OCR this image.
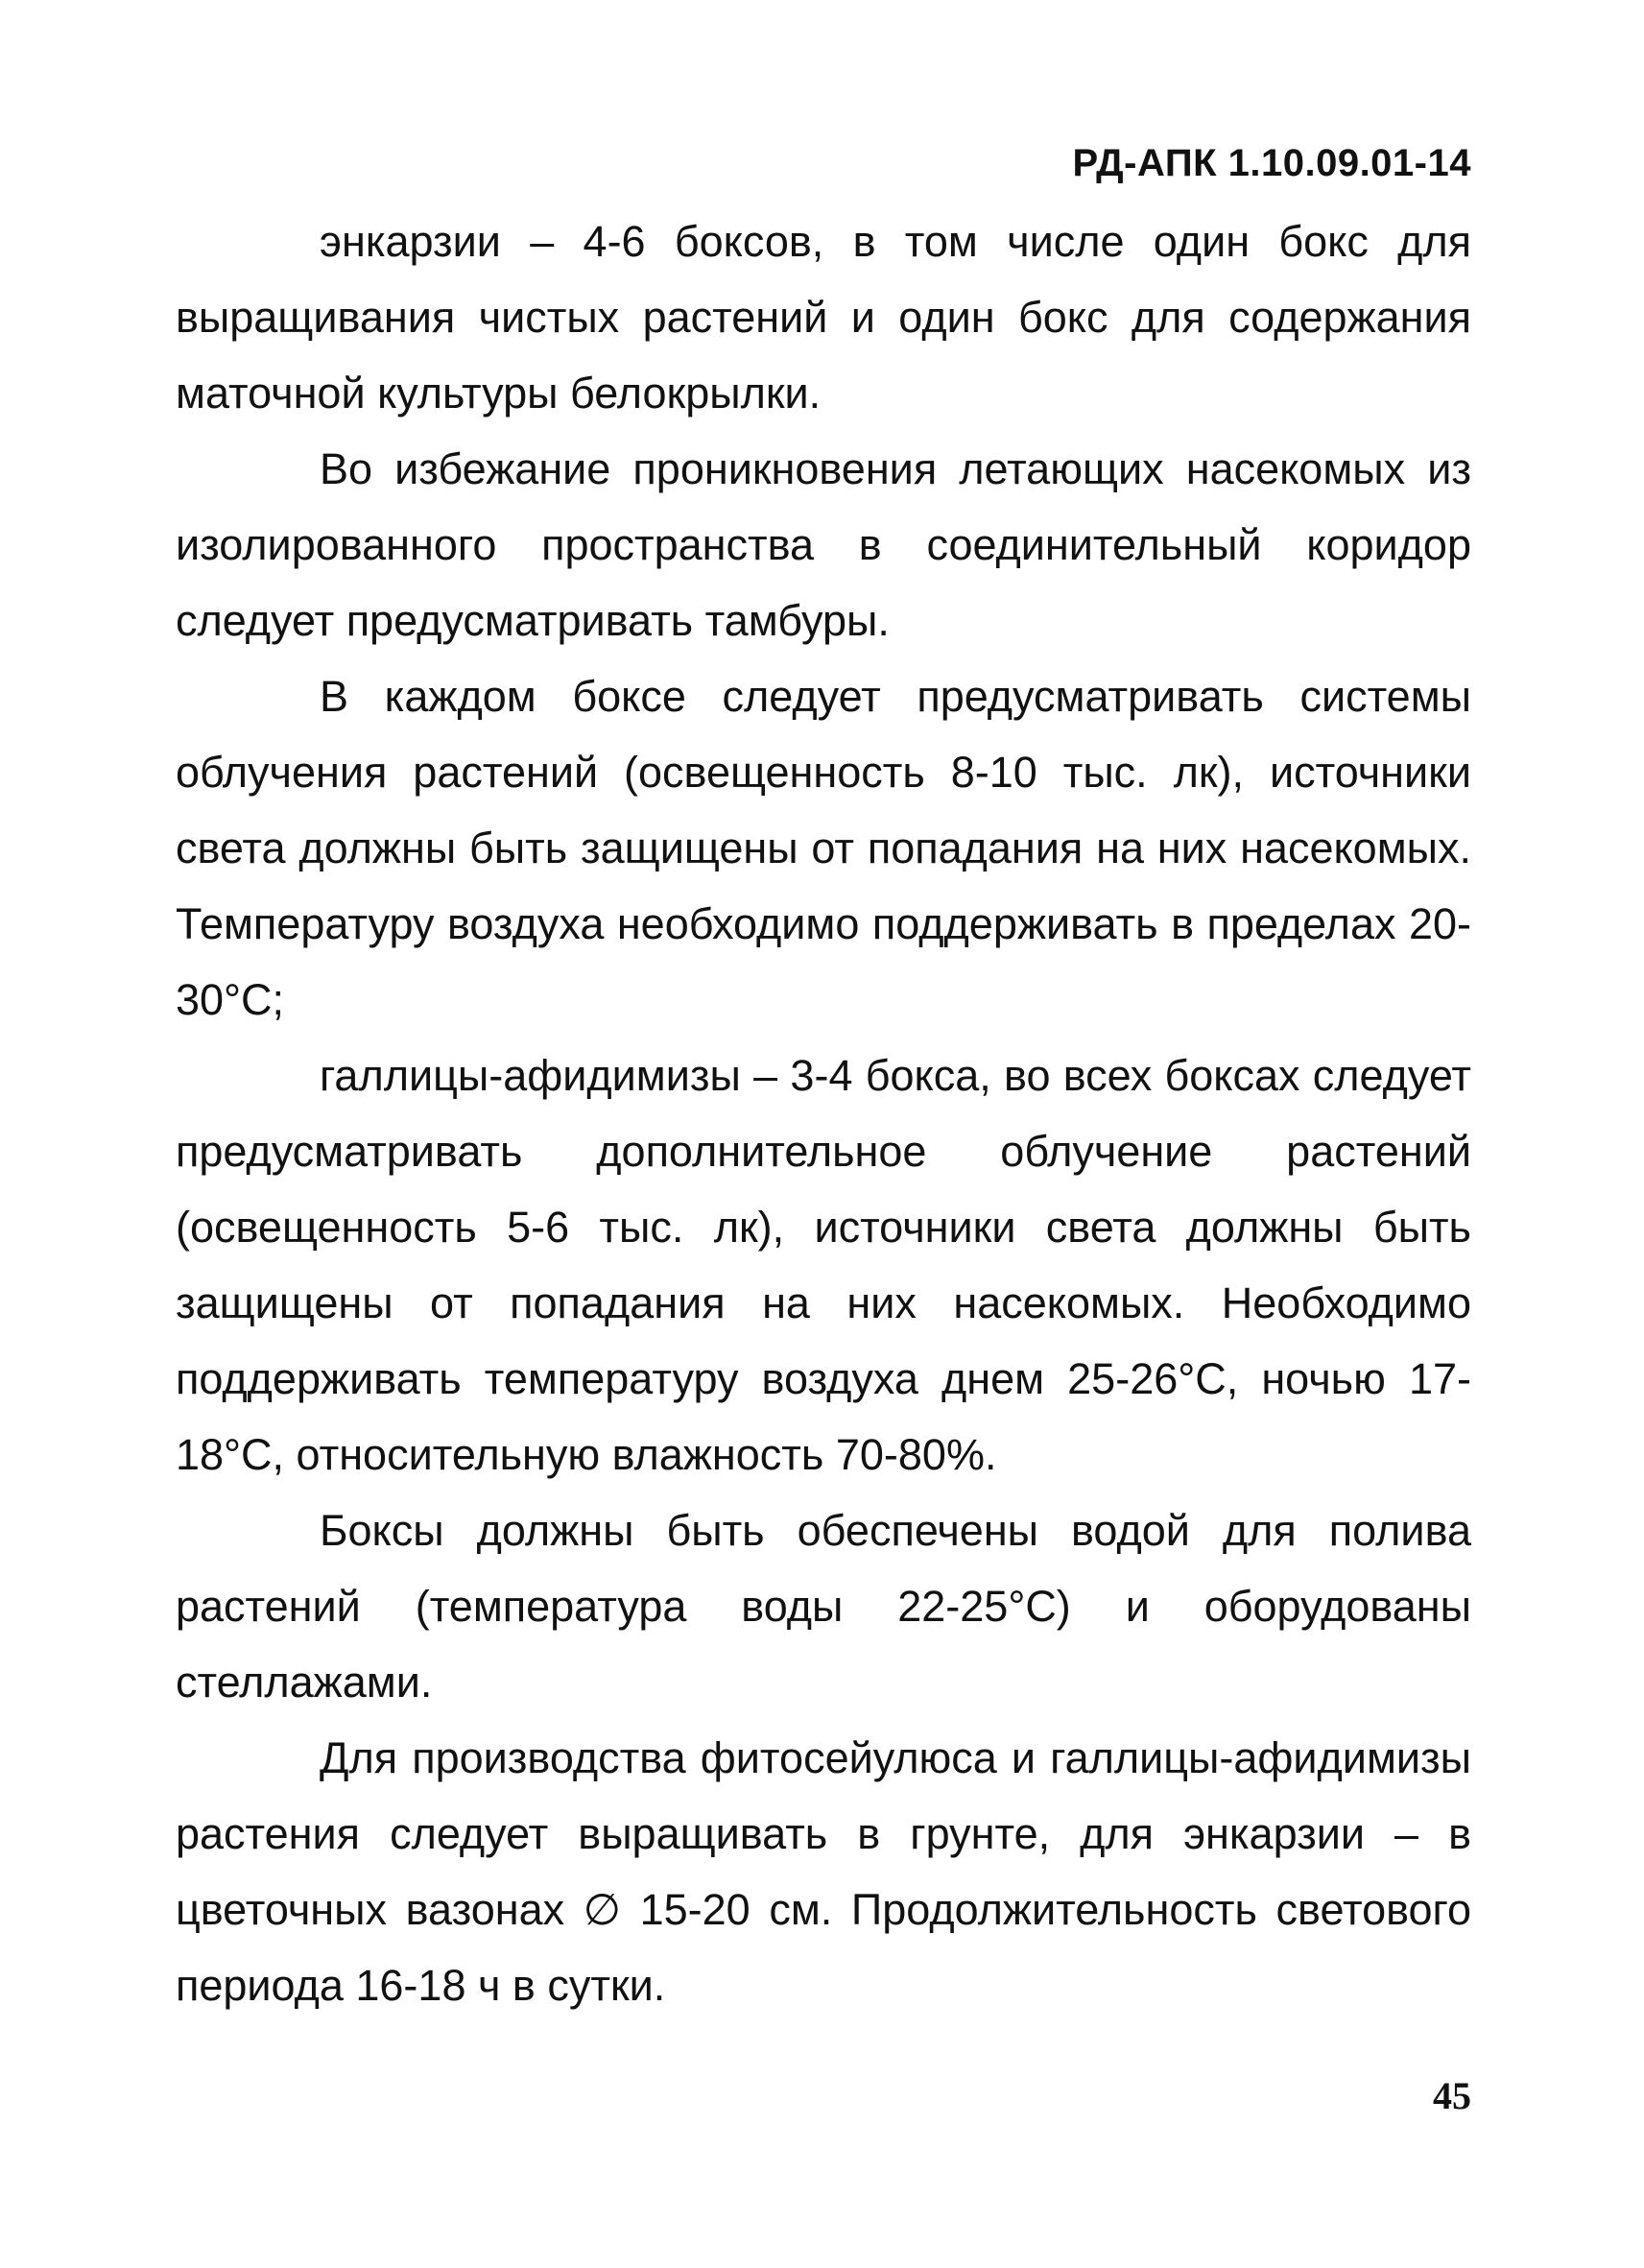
РД-АПК 1.10.09.01-14

энкарзии – 4-6 боксов, в том числе один бокс для выращивания чистых растений и один бокс для содержания маточной культуры белокрылки.

Во избежание проникновения летающих насекомых из изолированного пространства в соединительный коридор следует предусматривать тамбуры.

В каждом боксе следует предусматривать системы облучения растений (освещенность 8-10 тыс. лк), источники света должны быть защищены от попадания на них насекомых. Температуру воздуха необходимо поддерживать в пределах 20-30°С;

галлицы-афидимизы – 3-4 бокса, во всех боксах следует предусматривать дополнительное облучение растений (освещенность 5-6 тыс. лк), источники света должны быть защищены от попадания на них насекомых. Необходимо поддерживать температуру воздуха днем 25-26°С, ночью 17-18°С, относительную влажность 70-80%.

Боксы должны быть обеспечены водой для полива растений (температура воды 22-25°С) и оборудованы стеллажами.

Для производства фитосейулюса и галлицы-афидимизы растения следует выращивать в грунте, для энкарзии – в цветочных вазонах ∅ 15-20 см. Продолжительность светового периода 16-18 ч в сутки.

45
